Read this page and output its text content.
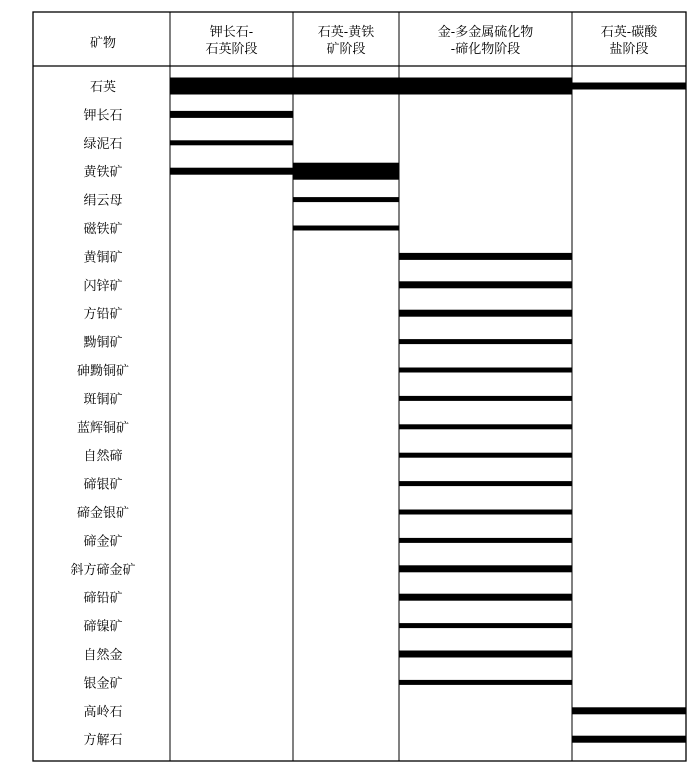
矿物
钾长石-
石英阶段
石英-黄铁
矿阶段
金-多金属硫化物
-碲化物阶段
石英-碳酸
盐阶段
石英
钾长石
绿泥石
黄铁矿
绢云母
磁铁矿
黄铜矿
闪锌矿
方铅矿
黝铜矿
砷黝铜矿
斑铜矿
蓝辉铜矿
自然碲
碲银矿
碲金银矿
碲金矿
斜方碲金矿
碲铅矿
碲镍矿
自然金
银金矿
高岭石
方解石
